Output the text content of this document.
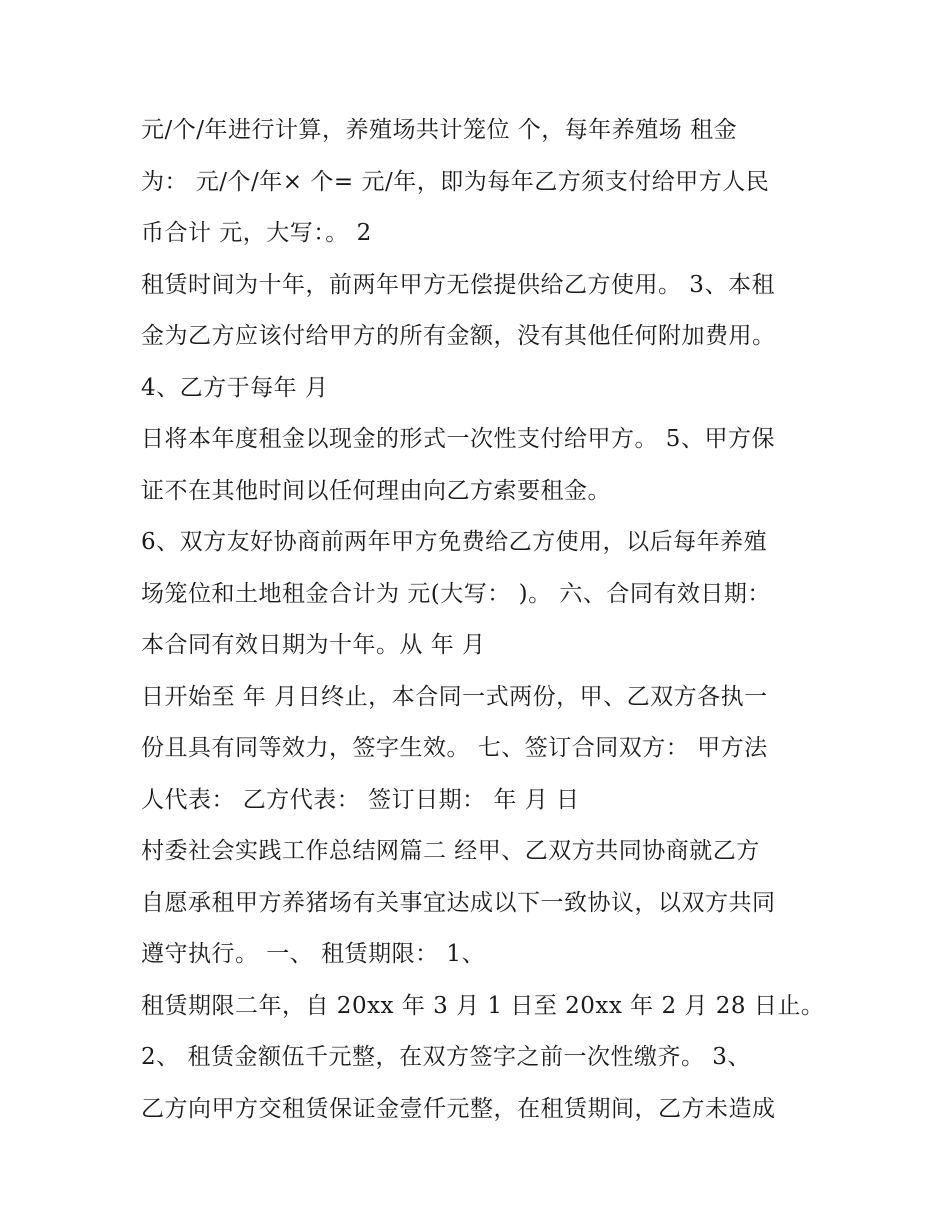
元/个/年进行计算，养殖场共计笼位 个，每年养殖场 租金
为： 元/个/年× 个= 元/年，即为每年乙方须支付给甲方人民
币合计 元，大写：。 2
租赁时间为十年，前两年甲方无偿提供给乙方使用。 3、本租
金为乙方应该付给甲方的所有金额，没有其他任何附加费用。
4、乙方于每年 月
日将本年度租金以现金的形式一次性支付给甲方。 5、甲方保
证不在其他时间以任何理由向乙方索要租金。
6、双方友好协商前两年甲方免费给乙方使用，以后每年养殖
场笼位和土地租金合计为 元(大写： )。 六、合同有效日期：
本合同有效日期为十年。从 年 月
日开始至 年 月日终止，本合同一式两份，甲、乙双方各执一
份且具有同等效力，签字生效。 七、签订合同双方： 甲方法
人代表： 乙方代表： 签订日期： 年 月 日
村委社会实践工作总结网篇二 经甲、乙双方共同协商就乙方
自愿承租甲方养猪场有关事宜达成以下一致协议，以双方共同
遵守执行。 一、 租赁期限： 1、
租赁期限二年，自 20xx 年 3 月 1 日至 20xx 年 2 月 28 日止。
2、 租赁金额伍千元整，在双方签字之前一次性缴齐。 3、
乙方向甲方交租赁保证金壹仟元整，在租赁期间，乙方未造成
